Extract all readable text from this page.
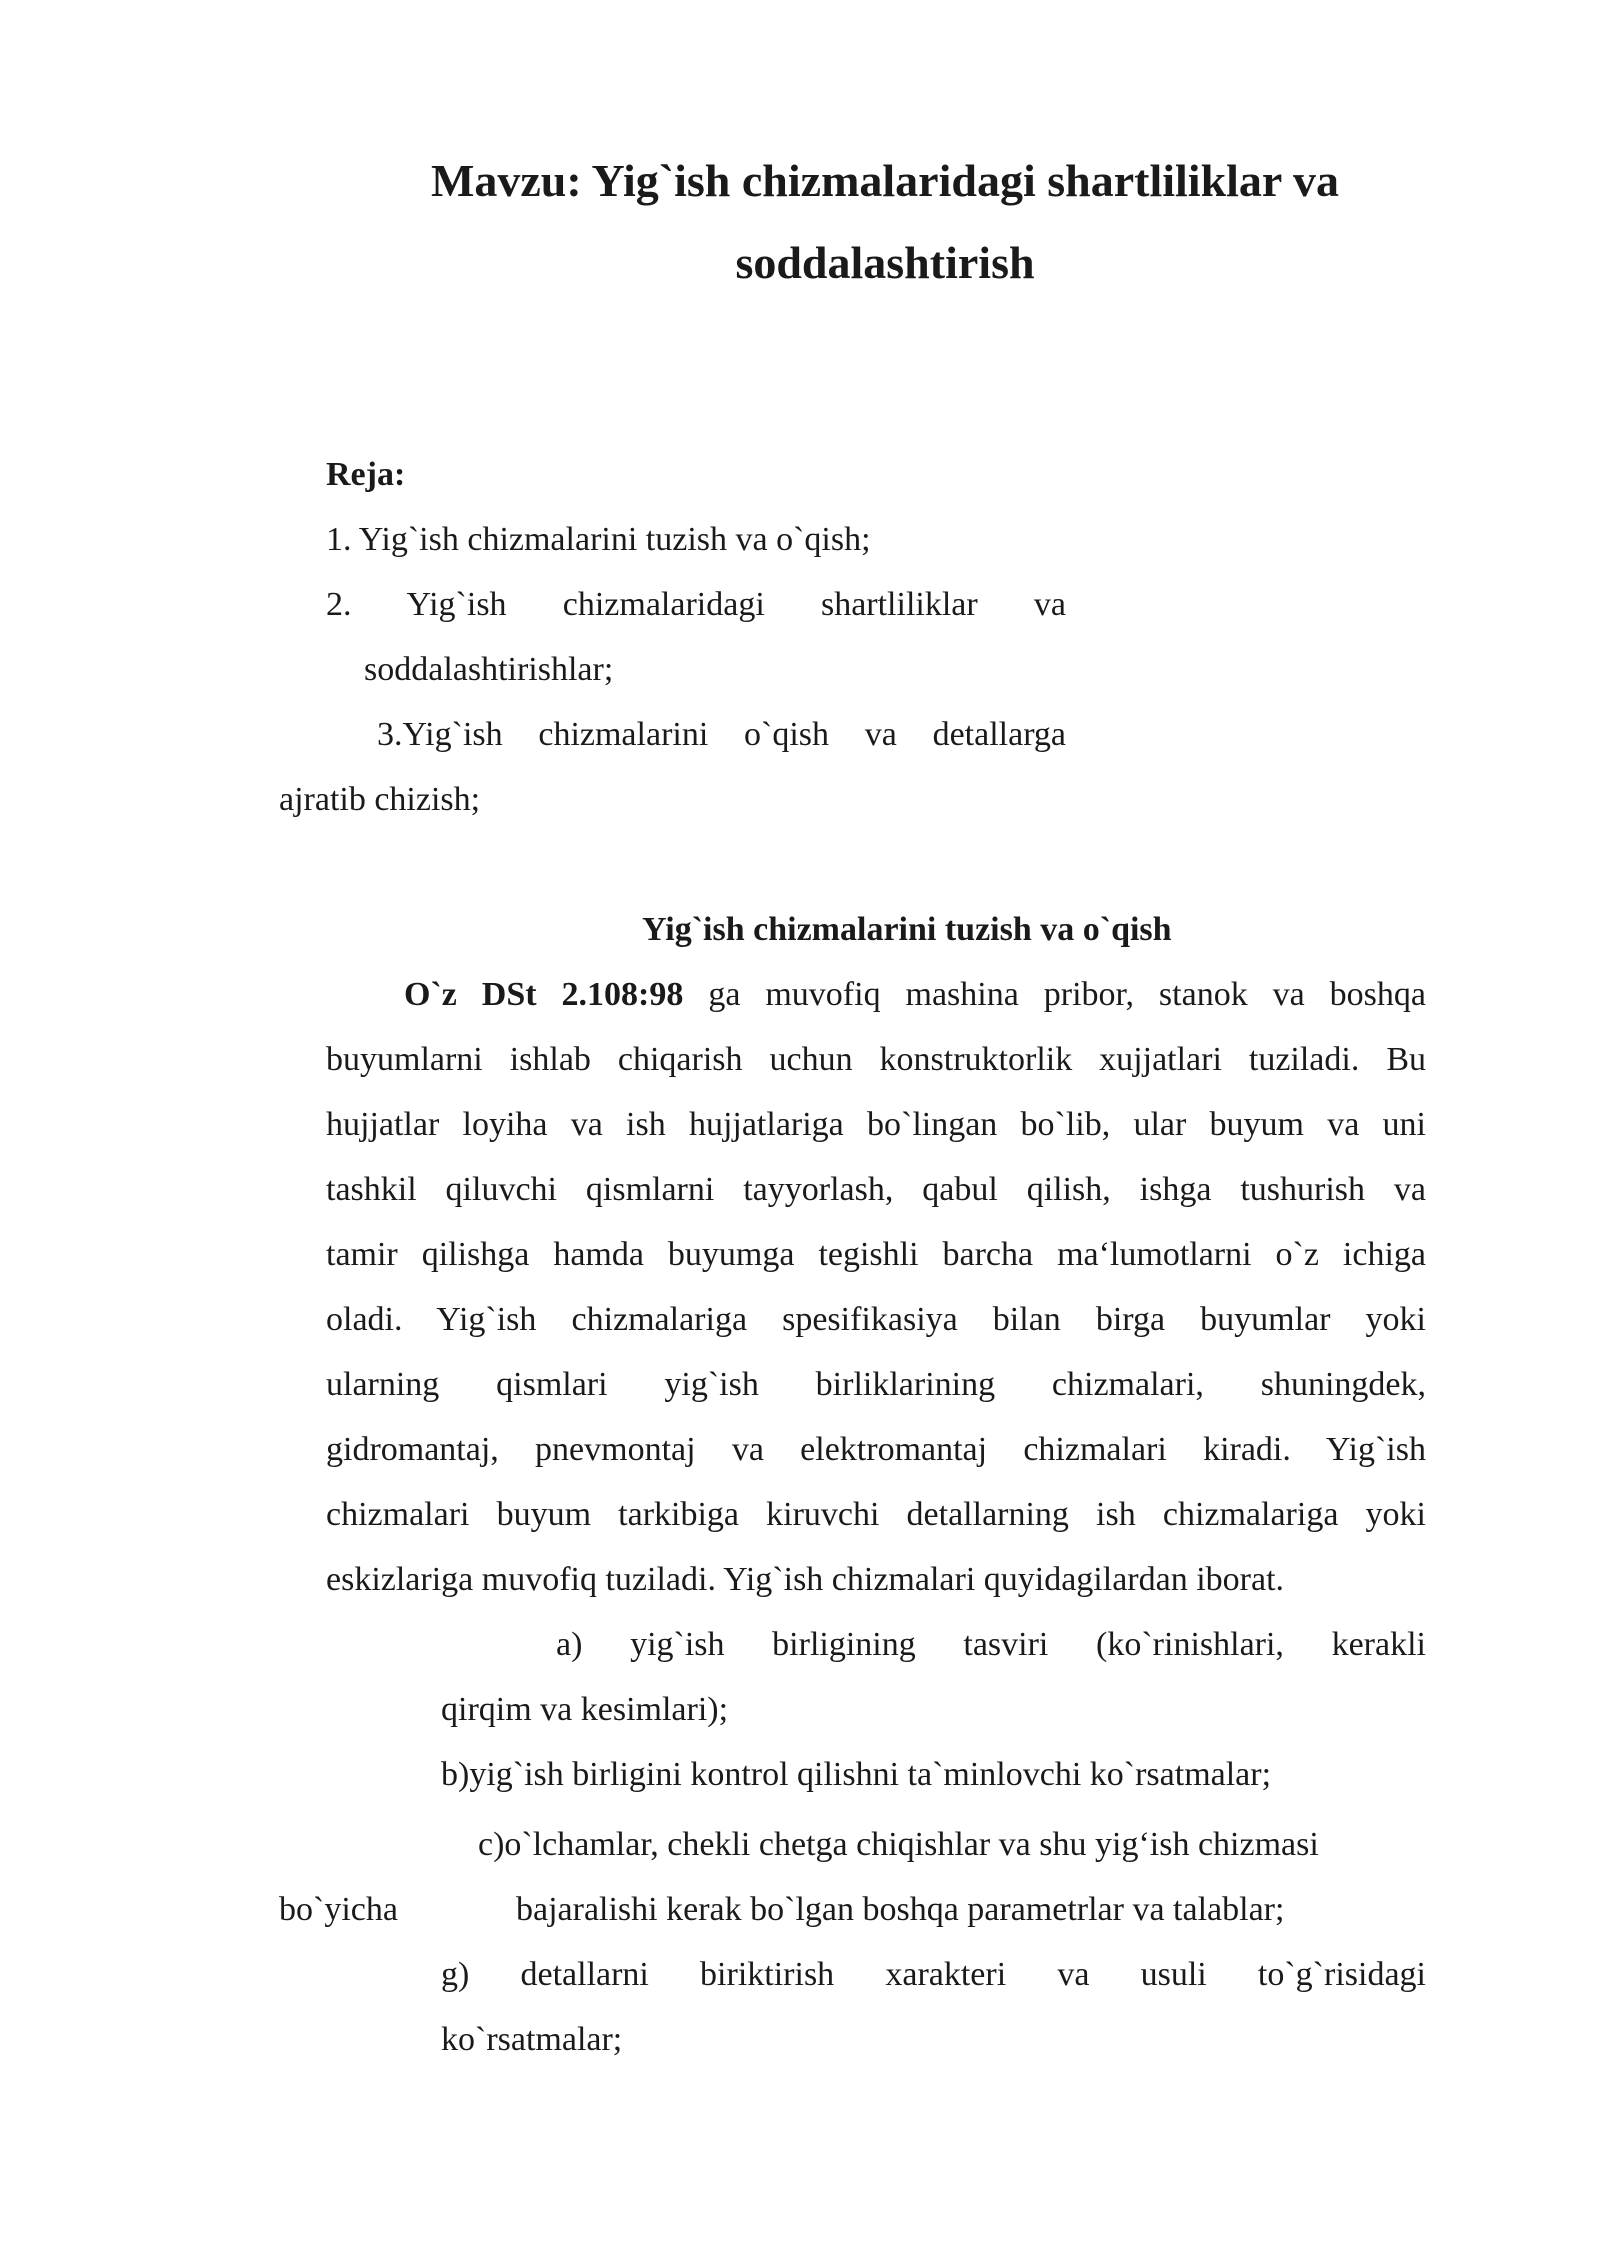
Mavzu: Yig`ish chizmalaridagi shartliliklar va
soddalashtirish
Reja:
1. Yig`ish chizmalarini tuzish va o`qish;
2. Yig`ish chizmalaridagi shartliliklar va
soddalashtirishlar;
3.Yig`ish chizmalarini o`qish va detallarga
ajratib chizish;
Yig`ish chizmalarini tuzish va o`qish
O`z DSt 2.108:98 ga muvofiq mashina pribor, stanok va boshqa
buyumlarni ishlab chiqarish uchun konstruktorlik xujjatlari tuziladi. Bu
hujjatlar loyiha va ish hujjatlariga bo`lingan bo`lib, ular buyum va uni
tashkil qiluvchi qismlarni tayyorlash, qabul qilish, ishga tushurish va
tamir qilishga hamda buyumga tegishli barcha ma‘lumotlarni o`z ichiga
oladi. Yig`ish chizmalariga spesifikasiya bilan birga buyumlar yoki
ularning qismlari yig`ish birliklarining chizmalari, shuningdek,
gidromantaj, pnevmontaj va elektromantaj chizmalari kiradi. Yig`ish
chizmalari buyum tarkibiga kiruvchi detallarning ish chizmalariga yoki
eskizlariga muvofiq tuziladi. Yig`ish chizmalari quyidagilardan iborat.
a) yig`ish birligining tasviri (ko`rinishlari, kerakli
qirqim va kesimlari);
b)yig`ish birligini kontrol qilishni ta`minlovchi ko`rsatmalar;
c)o`lchamlar, chekli chetga chiqishlar va shu yig‘ish chizmasi
bo`yicha	bajaralishi kerak bo`lgan boshqa parametrlar va talablar;
g) detallarni biriktirish xarakteri va usuli to`g`risidagi
ko`rsatmalar;
